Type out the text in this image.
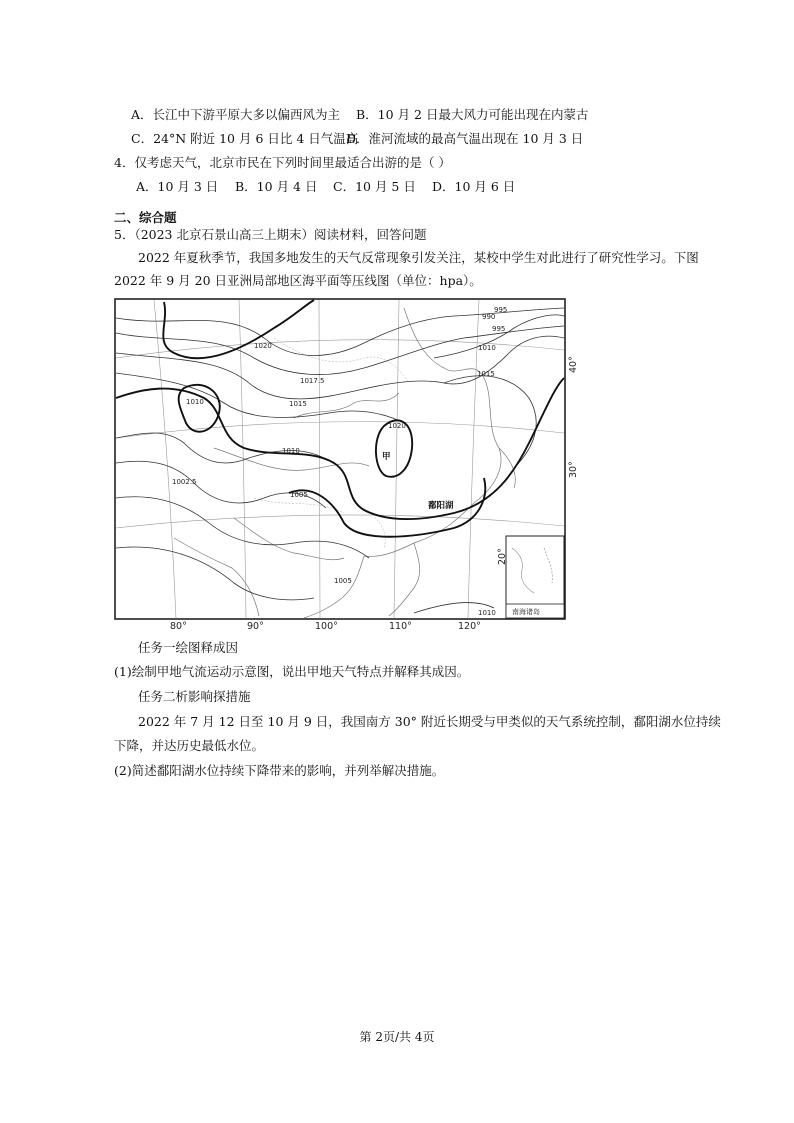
A．长江中下游平原大多以偏西风为主 B．10 月 2 日最大风力可能出现在内蒙古
C．24°N 附近 10 月 6 日比 4 日气温高
D．淮河流域的最高气温出现在 10 月 3 日
4．仅考虑天气，北京市民在下列时间里最适合出游的是（ ）
A．10 月 3 日 B．10 月 4 日 C．10 月 5 日 D．10 月 6 日
二、综合题
5．（2023 北京石景山高三上期末）阅读材料，回答问题
2022 年夏秋季节，我国多地发生的天气反常现象引发关注，某校中学生对此进行了研究性学习。下图
2022 年 9 月 20 日亚洲局部地区海平面等压线图（单位：hpa）。
990
995
995
1010
1015
1020
1017.5
1015
1010
1010
1020
1002.5
1005
1005
1010
甲
鄱阳湖
南海诸岛
80°	90°	100°	110°	120°
40°
30°
20°
任务一绘图释成因
(1)绘制甲地气流运动示意图，说出甲地天气特点并解释其成因。
任务二析影响探措施
2022 年 7 月 12 日至 10 月 9 日，我国南方 30° 附近长期受与甲类似的天气系统控制，鄱阳湖水位持续
下降，并达历史最低水位。
(2)简述鄱阳湖水位持续下降带来的影响，并列举解决措施。
第 2页/共 4页
